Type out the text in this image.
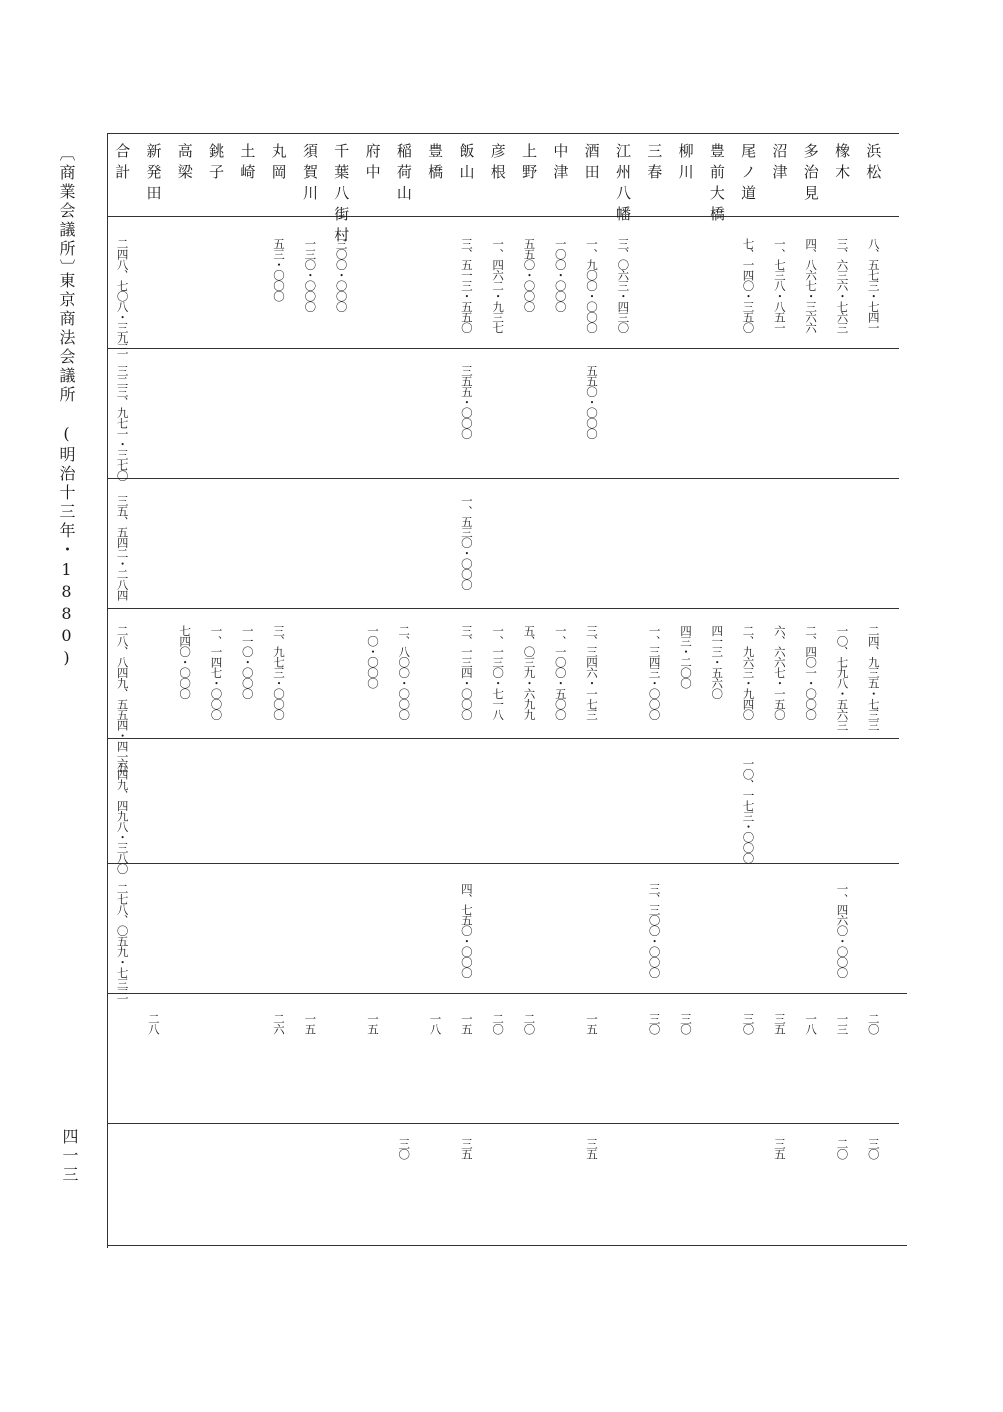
〔商業会議所〕
東京商法会議所　(明治十三年・1880)
四一三
浜松
八、五七三・七四一
二四、九三五・七三三
二〇
三〇
橡木
三、六三六・七六三
一〇、七九八・五六三
一、四六〇・〇〇〇
一三
二〇
多治見
四、八六七・三六六
二、四〇一・〇〇〇
一八
沼津
一、七三八・八五一
六、六六七・一五〇
三五
三五
尾ノ道
七、一四〇・三五〇
二、九六三・九四〇
一〇、一七三・〇〇〇
三〇
豊前大橋
四一三・五六〇
柳川
四三・二〇〇
三〇
三春
一、三四三・〇〇〇
三、三〇〇・〇〇〇
三〇
江州八幡
三、〇六三・四三〇
酒田
一、九〇〇・〇〇〇
五五〇・〇〇〇
三、三四六・一七三
一五
三五
中津
一〇〇・〇〇〇
一、一〇〇・五〇〇
上野
五五〇・〇〇〇
五、〇三九・六九九
二〇
彦根
一、四六二・九三七
一、一三〇・七一八
二〇
飯山
三、五一三・五五〇
三五五・〇〇〇
一、五三〇・〇〇〇
三、一三四・〇〇〇
四、七五〇・〇〇〇
一五
三五
豊橋
一八
稲荷山
二、八〇〇・〇〇〇
三〇
府中
一〇・〇〇〇
一五
千葉八街村
三〇〇・〇〇〇
須賀川
一三〇・〇〇〇
一五
丸岡
五三・〇〇〇
三、九七三・〇〇〇
二六
土崎
一一〇・〇〇〇
銚子
一、一四七・〇〇〇
高梁
七四〇・〇〇〇
新発田
二八
合計
二四八、七〇八・三九三
三二三、九七一・三七〇
三五、五四二・二八四
二八、八四九、五五四・四一五
六四九、四九八・三八〇
二七八、〇五九・七三三
